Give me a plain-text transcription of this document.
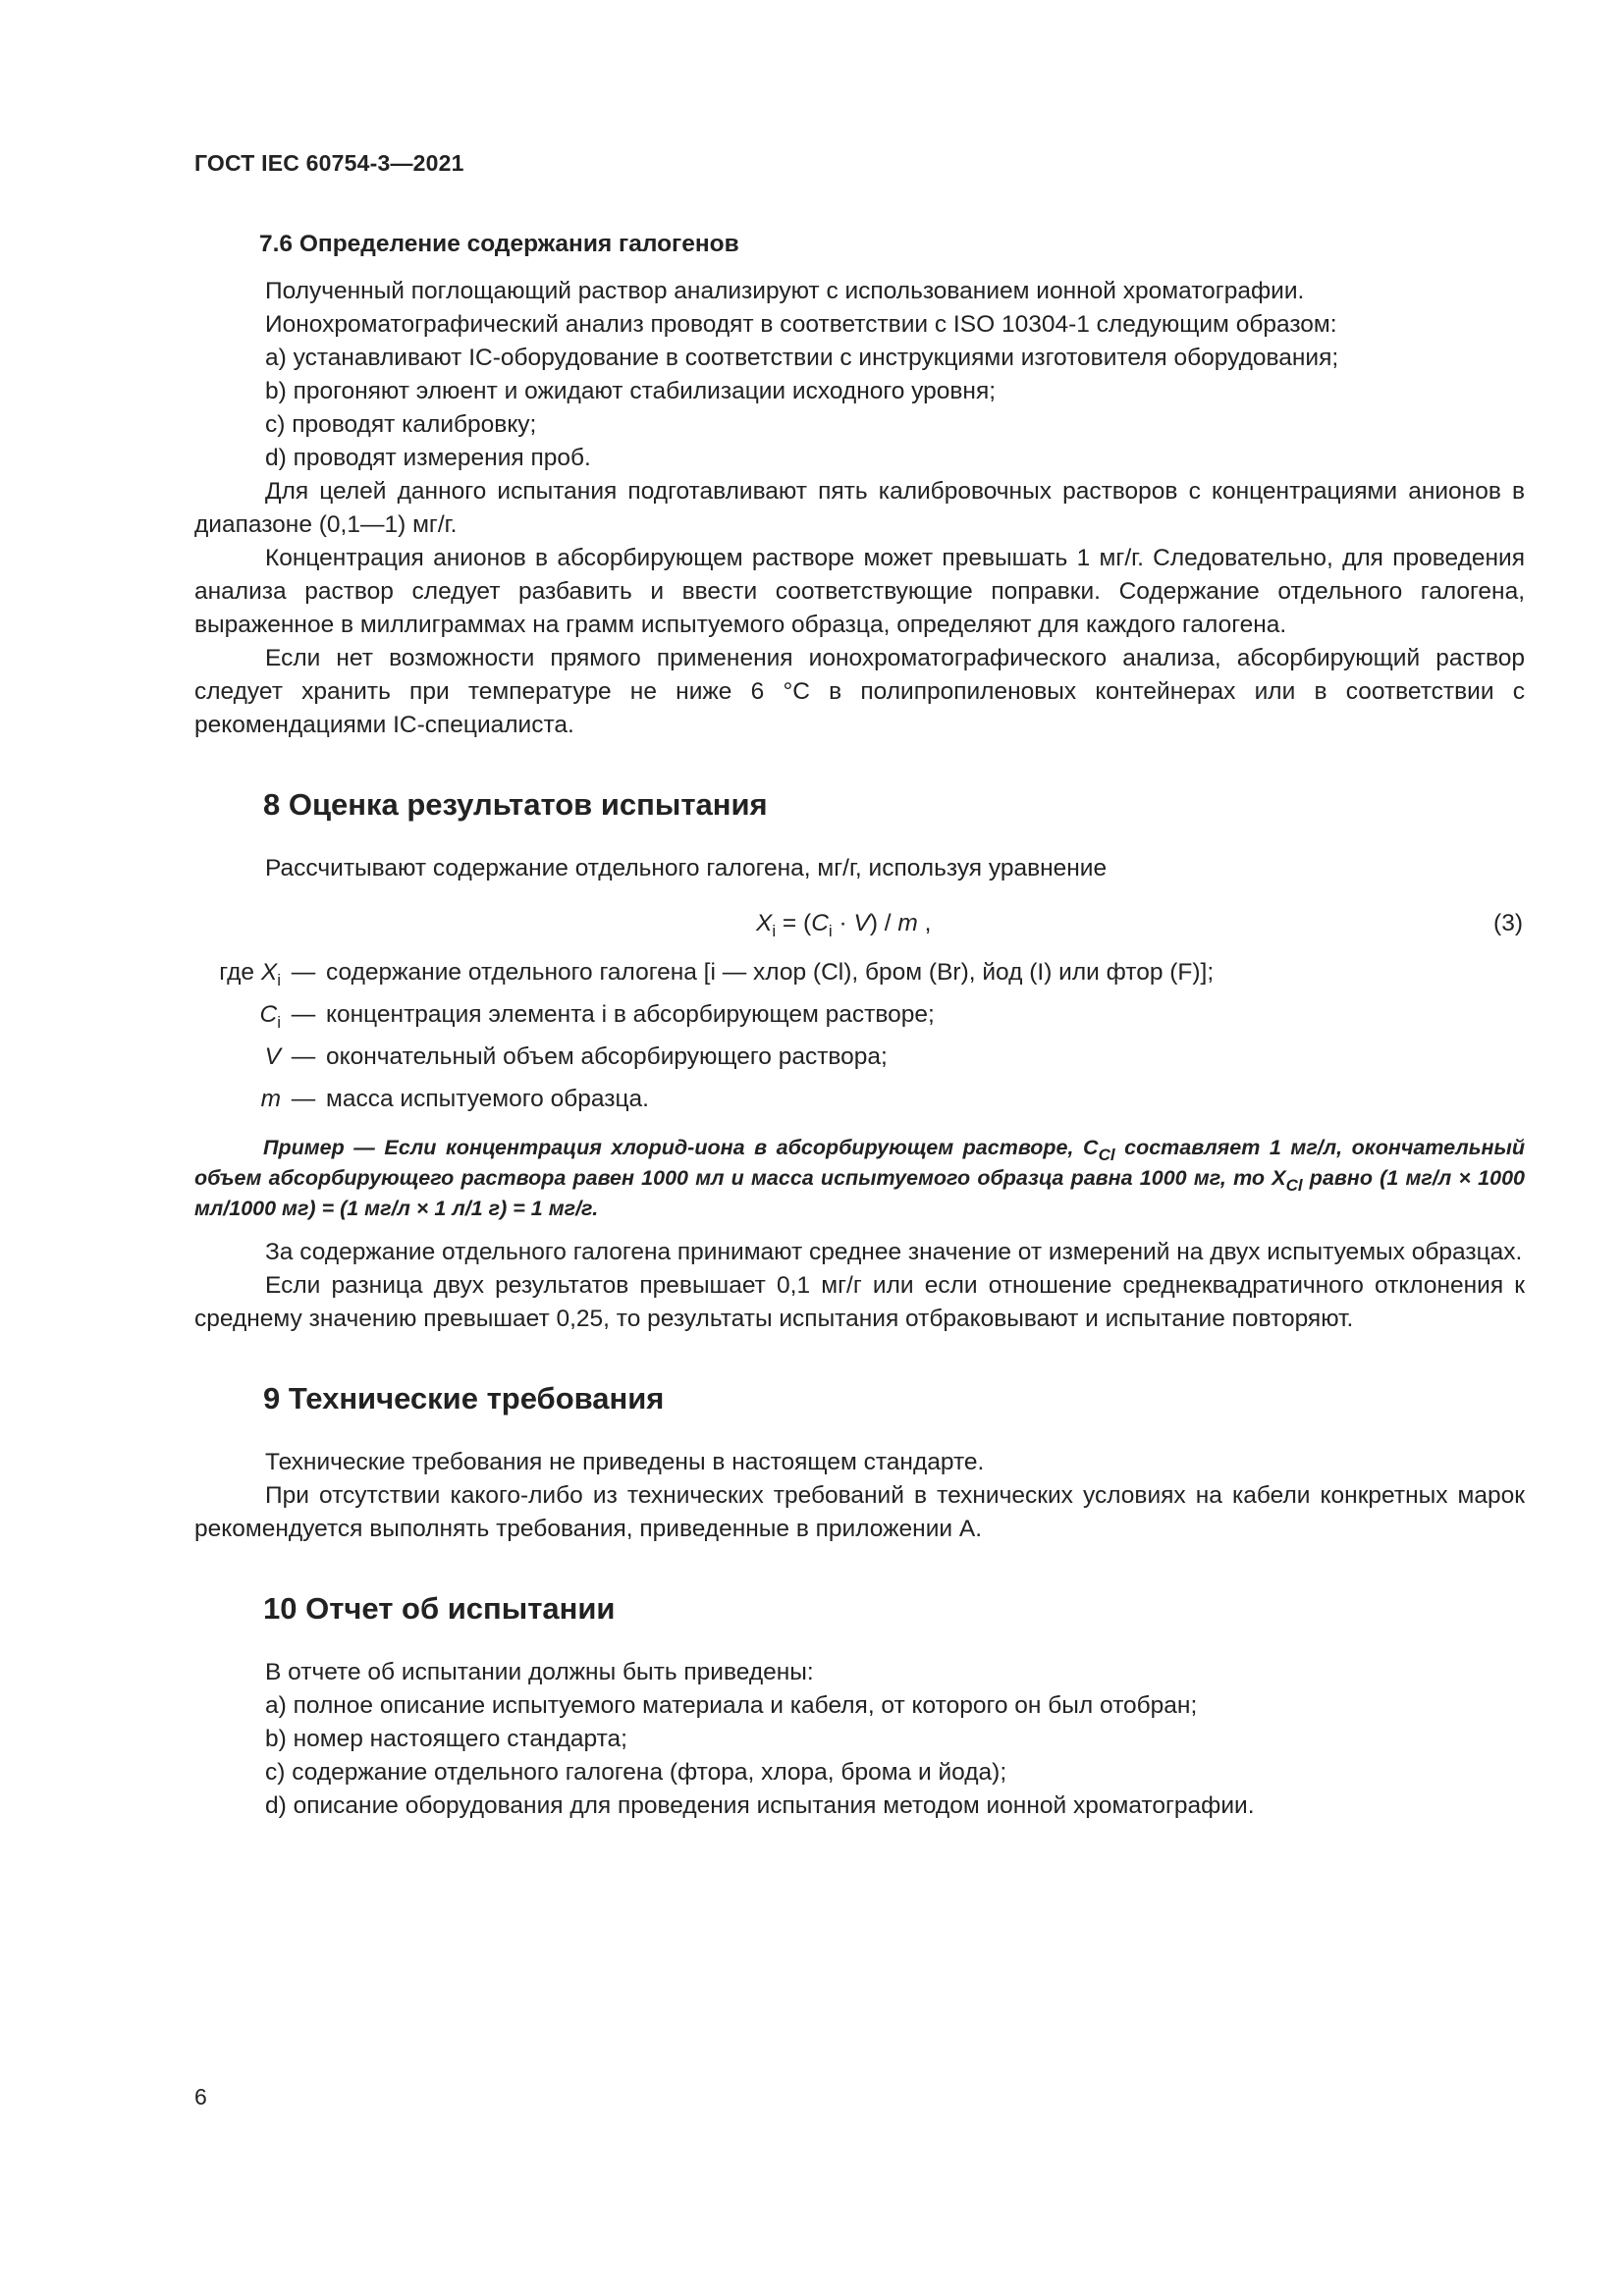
ГОСТ IEC 60754-3—2021
7.6 Определение содержания галогенов

Полученный поглощающий раствор анализируют с использованием ионной хроматографии.

Ионохроматографический анализ проводят в соответствии с ISO 10304-1 следующим образом:

a) устанавливают IC-оборудование в соответствии с инструкциями изготовителя оборудования;

b) прогоняют элюент и ожидают стабилизации исходного уровня;

c) проводят калибровку;

d) проводят измерения проб.

Для целей данного испытания подготавливают пять калибровочных растворов с концентрациями анионов в диапазоне (0,1—1) мг/г.

Концентрация анионов в абсорбирующем растворе может превышать 1 мг/г. Следовательно, для проведения анализа раствор следует разбавить и ввести соответствующие поправки. Содержание отдельного галогена, выраженное в миллиграммах на грамм испытуемого образца, определяют для каждого галогена.

Если нет возможности прямого применения ионохроматографического анализа, абсорбирующий раствор следует хранить при температуре не ниже 6 °С в полипропиленовых контейнерах или в соответствии с рекомендациями IC-специалиста.

8 Оценка результатов испытания

Рассчитывают содержание отдельного галогена, мг/г, используя уравнение

$X_i = (C_i \cdot V) / m$ ,	(3)
где $X_i$ — содержание отдельного галогена [i — хлор (Cl), бром (Br), йод (I) или фтор (F)];
$C_i$ — концентрация элемента i в абсорбирующем растворе;
V — окончательный объем абсорбирующего раствора;
m — масса испытуемого образца.

Пример — Если концентрация хлорид-иона в абсорбирующем растворе, $C_{Cl}$ составляет 1 мг/л, окончательный объем абсорбирующего раствора равен 1000 мл и масса испытуемого образца равна 1000 мг, то $X_{Cl}$ равно (1 мг/л × 1000 мл/1000 мг) = (1 мг/л × 1 л/1 г) = 1 мг/г.

За содержание отдельного галогена принимают среднее значение от измерений на двух испытуемых образцах.

Если разница двух результатов превышает 0,1 мг/г или если отношение среднеквадратичного отклонения к среднему значению превышает 0,25, то результаты испытания отбраковывают и испытание повторяют.

9 Технические требования

Технические требования не приведены в настоящем стандарте.

При отсутствии какого-либо из технических требований в технических условиях на кабели конкретных марок рекомендуется выполнять требования, приведенные в приложении А.

10 Отчет об испытании

В отчете об испытании должны быть приведены:

a) полное описание испытуемого материала и кабеля, от которого он был отобран;

b) номер настоящего стандарта;

c) содержание отдельного галогена (фтора, хлора, брома и йода);

d) описание оборудования для проведения испытания методом ионной хроматографии.

6
